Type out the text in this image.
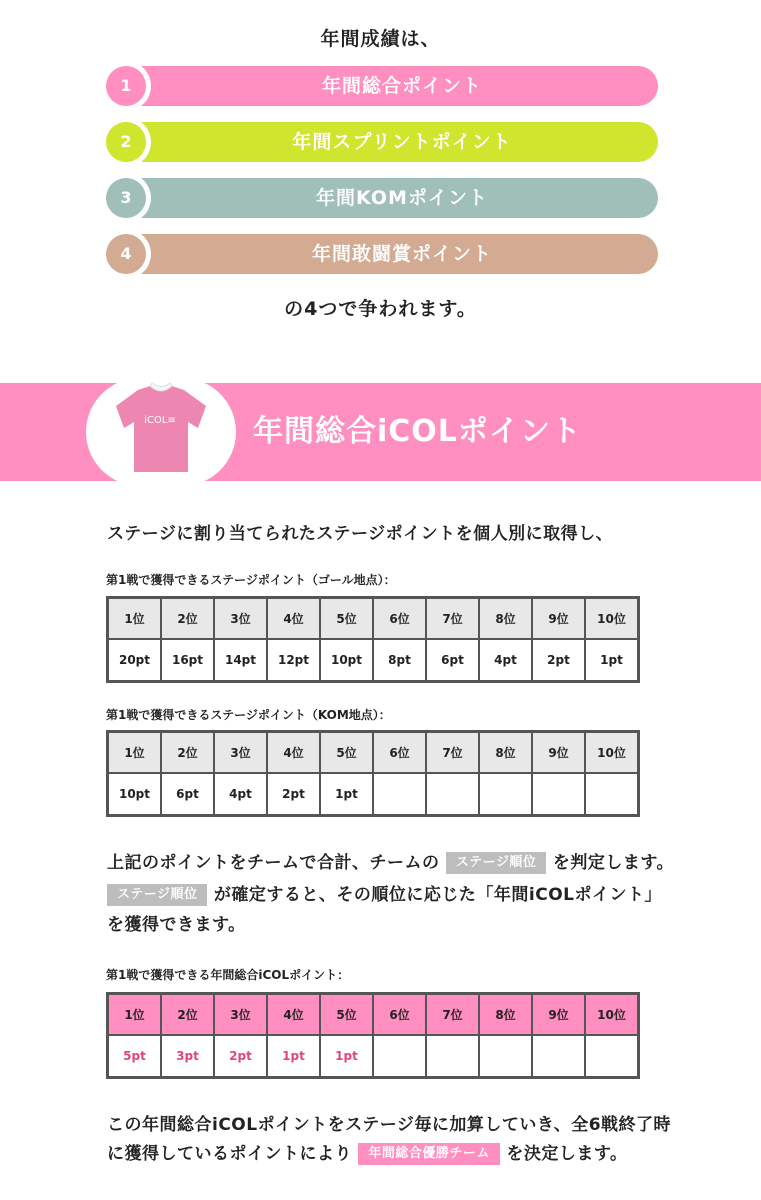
年間成績は、
1	年間総合ポイント
2	年間スプリントポイント
3	年間KOMポイント
4	年間敢闘賞ポイント
の4つで争われます。
iCOL≡	年間総合iCOLポイント
ステージに割り当てられたステージポイントを個人別に取得し、
第1戦で獲得できるステージポイント（ゴール地点）：
1位	2位	3位	4位	5位	6位	7位	8位	9位	10位
20pt	16pt	14pt	12pt	10pt	8pt	6pt	4pt	2pt	1pt
第1戦で獲得できるステージポイント（KOM地点）：
1位	2位	3位	4位	5位	6位	7位	8位	9位	10位
10pt	6pt	4pt	2pt	1pt					
上記のポイントをチームで合計、チームの ステージ順位 を判定します。
ステージ順位 が確定すると、その順位に応じた「年間iCOLポイント」
を獲得できます。
第1戦で獲得できる年間総合iCOLポイント：
1位	2位	3位	4位	5位	6位	7位	8位	9位	10位
5pt	3pt	2pt	1pt	1pt					
この年間総合iCOLポイントをステージ毎に加算していき、全6戦終了時
に獲得しているポイントにより 年間総合優勝チーム を決定します。
